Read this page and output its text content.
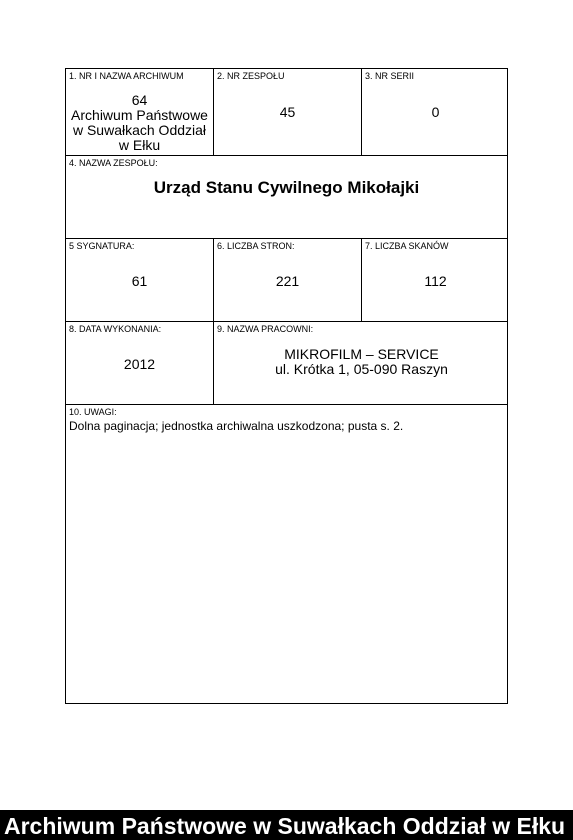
1. NR I NAZWA ARCHIWUM
64
Archiwum Państwowe
w Suwałkach Oddział
w Ełku
2. NR ZESPOŁU
45
3. NR SERII
0
4. NAZWA ZESPOŁU:
Urząd Stanu Cywilnego Mikołajki
5 SYGNATURA:
61
6. LICZBA STRON:
221
7. LICZBA SKANÓW
112
8. DATA WYKONANIA:
2012
9. NAZWA PRACOWNI:
MIKROFILM – SERVICE
ul. Krótka 1, 05-090 Raszyn
10. UWAGI:
Dolna paginacja; jednostka archiwalna uszkodzona; pusta s. 2.
Archiwum Państwowe w Suwałkach Oddział w Ełku
